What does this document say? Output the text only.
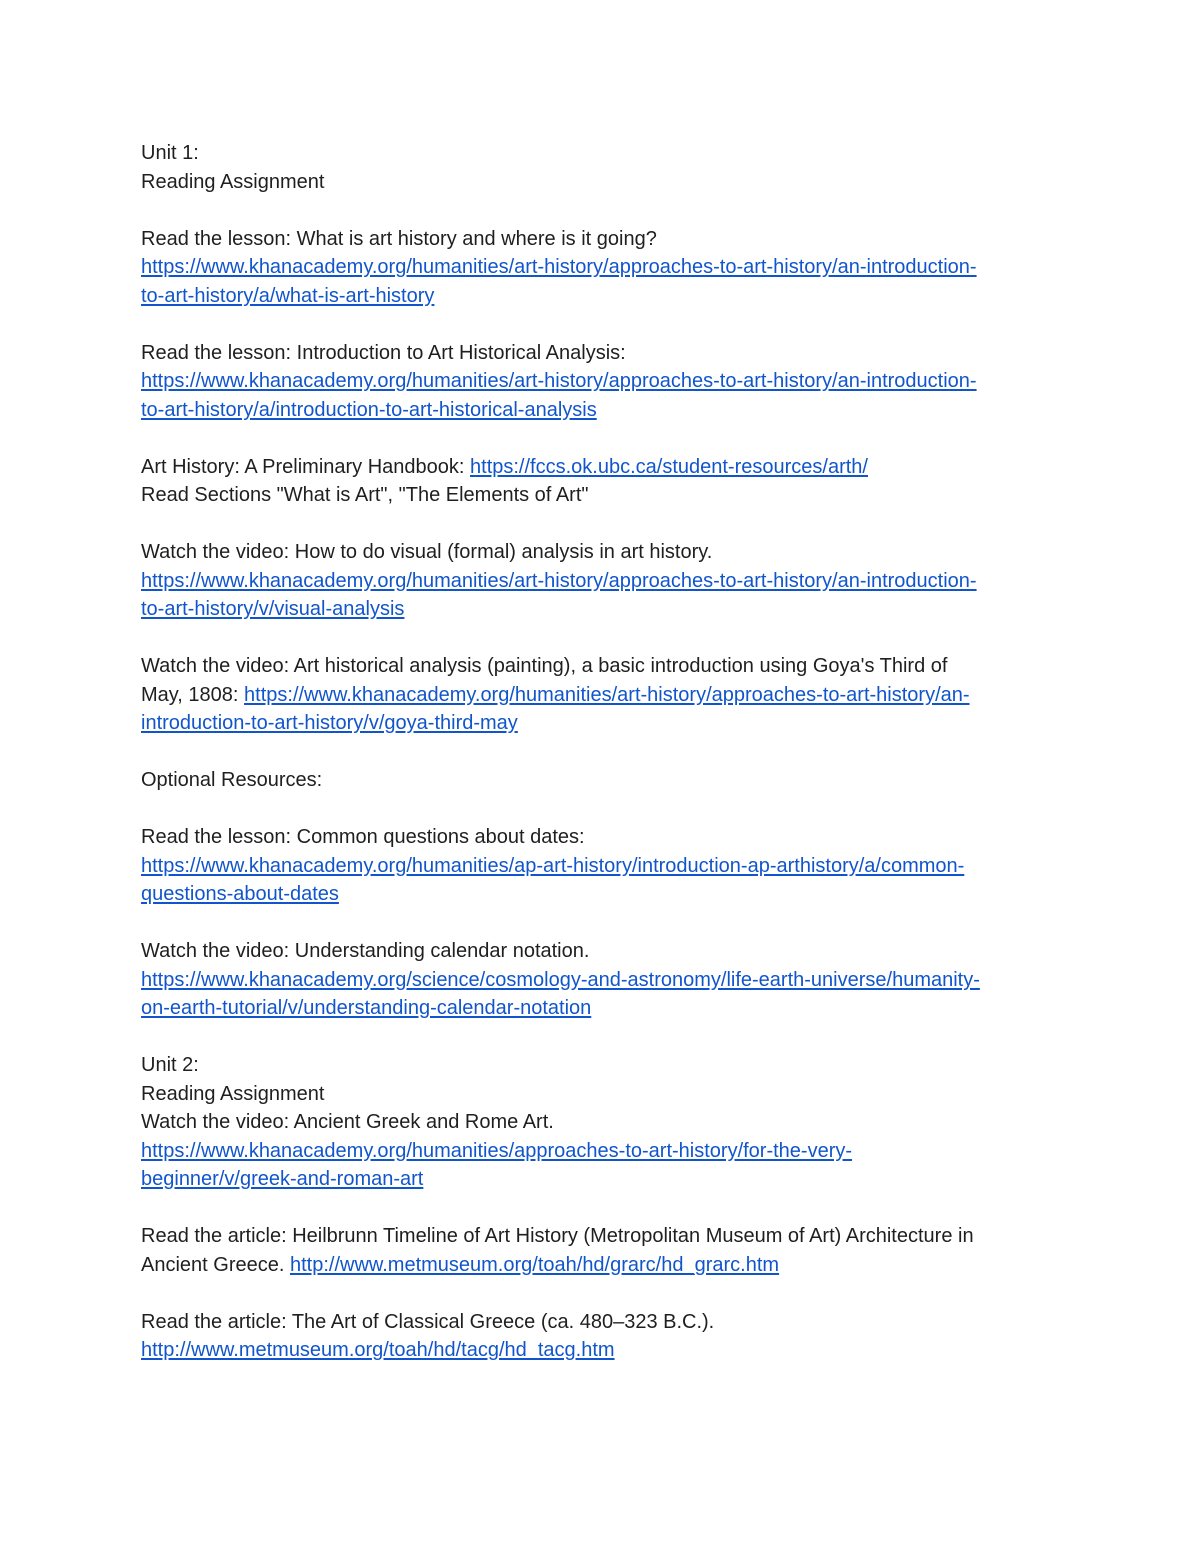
Unit 1:
Reading Assignment
Read the lesson: What is art history and where is it going?
https://www.khanacademy.org/humanities/art-history/approaches-to-art-history/an-introduction-
to-art-history/a/what-is-art-history
Read the lesson: Introduction to Art Historical Analysis:
https://www.khanacademy.org/humanities/art-history/approaches-to-art-history/an-introduction-
to-art-history/a/introduction-to-art-historical-analysis
Art History: A Preliminary Handbook: https://fccs.ok.ubc.ca/student-resources/arth/
Read Sections "What is Art", "The Elements of Art"
Watch the video: How to do visual (formal) analysis in art history.
https://www.khanacademy.org/humanities/art-history/approaches-to-art-history/an-introduction-
to-art-history/v/visual-analysis
Watch the video: Art historical analysis (painting), a basic introduction using Goya's Third of
May, 1808: https://www.khanacademy.org/humanities/art-history/approaches-to-art-history/an-
introduction-to-art-history/v/goya-third-may
Optional Resources:
Read the lesson: Common questions about dates:
https://www.khanacademy.org/humanities/ap-art-history/introduction-ap-arthistory/a/common-
questions-about-dates
Watch the video: Understanding calendar notation.
https://www.khanacademy.org/science/cosmology-and-astronomy/life-earth-universe/humanity-
on-earth-tutorial/v/understanding-calendar-notation
Unit 2:
Reading Assignment
Watch the video: Ancient Greek and Rome Art.
https://www.khanacademy.org/humanities/approaches-to-art-history/for-the-very-
beginner/v/greek-and-roman-art
Read the article: Heilbrunn Timeline of Art History (Metropolitan Museum of Art) Architecture in
Ancient Greece. http://www.metmuseum.org/toah/hd/grarc/hd_grarc.htm
Read the article: The Art of Classical Greece (ca. 480–323 B.C.).
http://www.metmuseum.org/toah/hd/tacg/hd_tacg.htm
